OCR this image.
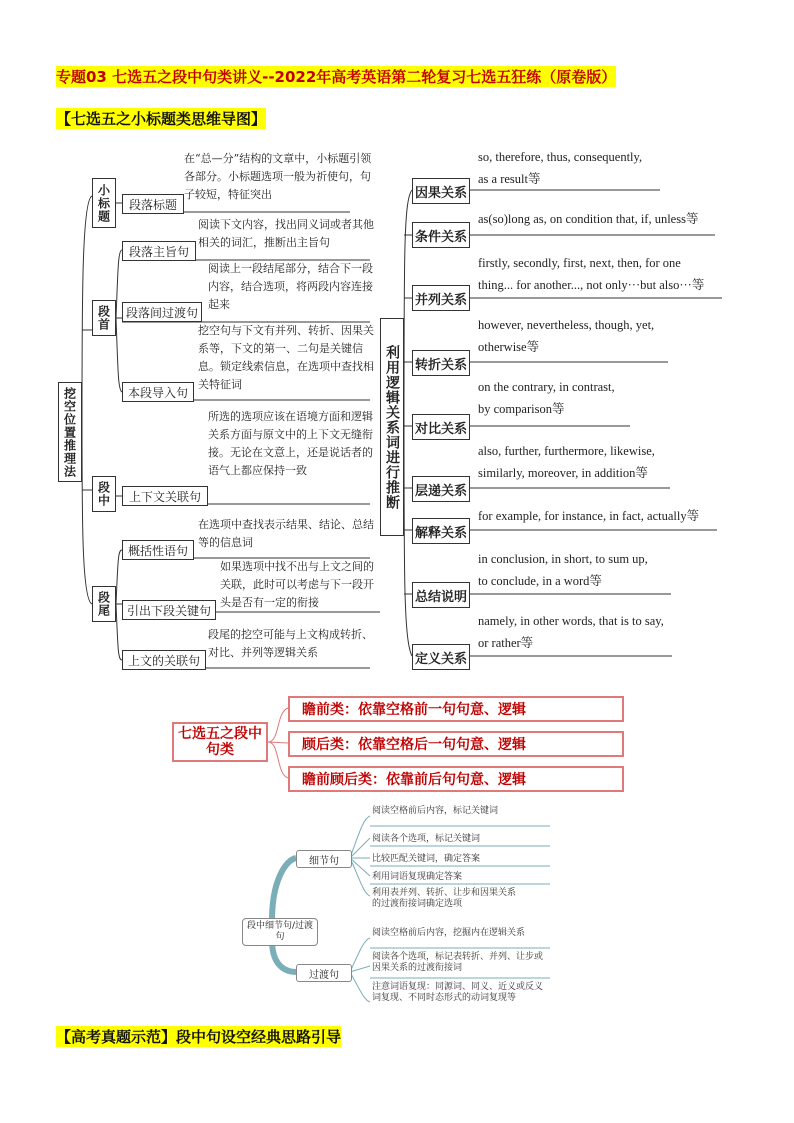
专题03 七选五之段中句类讲义--2022年高考英语第二轮复习七选五狂练（原卷版）
【七选五之小标题类思维导图】
挖空位置推理法
小标题
段首
段中
段尾
段落标题
段落主旨句
段落间过渡句
本段导入句
上下文关联句
概括性语句
引出下段关键句
上文的关联句
在“总—分”结构的文章中，小标题引领各部分。小标题选项一般为祈使句，句子较短，特征突出
阅读下文内容，找出同义词或者其他相关的词汇，推断出主旨句
阅读上一段结尾部分，结合下一段内容，结合选项，将两段内容连接起来
挖空句与下文有并列、转折、因果关系等，下文的第一、二句是关键信息。锁定线索信息，在选项中查找相关特征词
所选的选项应该在语境方面和逻辑关系方面与原文中的上下文无缝衔接。无论在文意上，还是说话者的语气上都应保持一致
在选项中查找表示结果、结论、总结等的信息词
如果选项中找不出与上文之间的关联，此时可以考虑与下一段开头是否有一定的衔接
段尾的挖空可能与上文构成转折、对比、并列等逻辑关系
利用逻辑关系词进行推断
因果关系
so, therefore, thus, consequently,
as a result等
条件关系
as(so)long as, on condition that, if, unless等
并列关系
firstly, secondly, first, next, then, for one
thing... for another..., not only···but also···等
转折关系
however, nevertheless, though, yet,
otherwise等
对比关系
on the contrary, in contrast,
by comparison等
层递关系
also, further, furthermore, likewise,
similarly, moreover, in addition等
解释关系
for example, for instance, in fact, actually等
总结说明
in conclusion, in short, to sum up,
to conclude, in a word等
定义关系
namely, in other words, that is to say,
or rather等
七选五之段中句类
瞻前类：依靠空格前一句句意、逻辑
顾后类：依靠空格后一句句意、逻辑
瞻前顾后类：依靠前后句句意、逻辑
段中细节句/过渡句
细节句
过渡句
阅读空格前后内容，标记关键词
阅读各个选项，标记关键词
比较匹配关键词，确定答案
利用词语复现确定答案
利用表并列、转折、让步和因果关系的过渡衔接词确定选项
阅读空格前后内容，挖掘内在逻辑关系
阅读各个选项，标记表转折、并列、让步或因果关系的过渡衔接词
注意词语复现：同源词、同义、近义或反义词复现、不同时态形式的动词复现等
【高考真题示范】段中句设空经典思路引导
